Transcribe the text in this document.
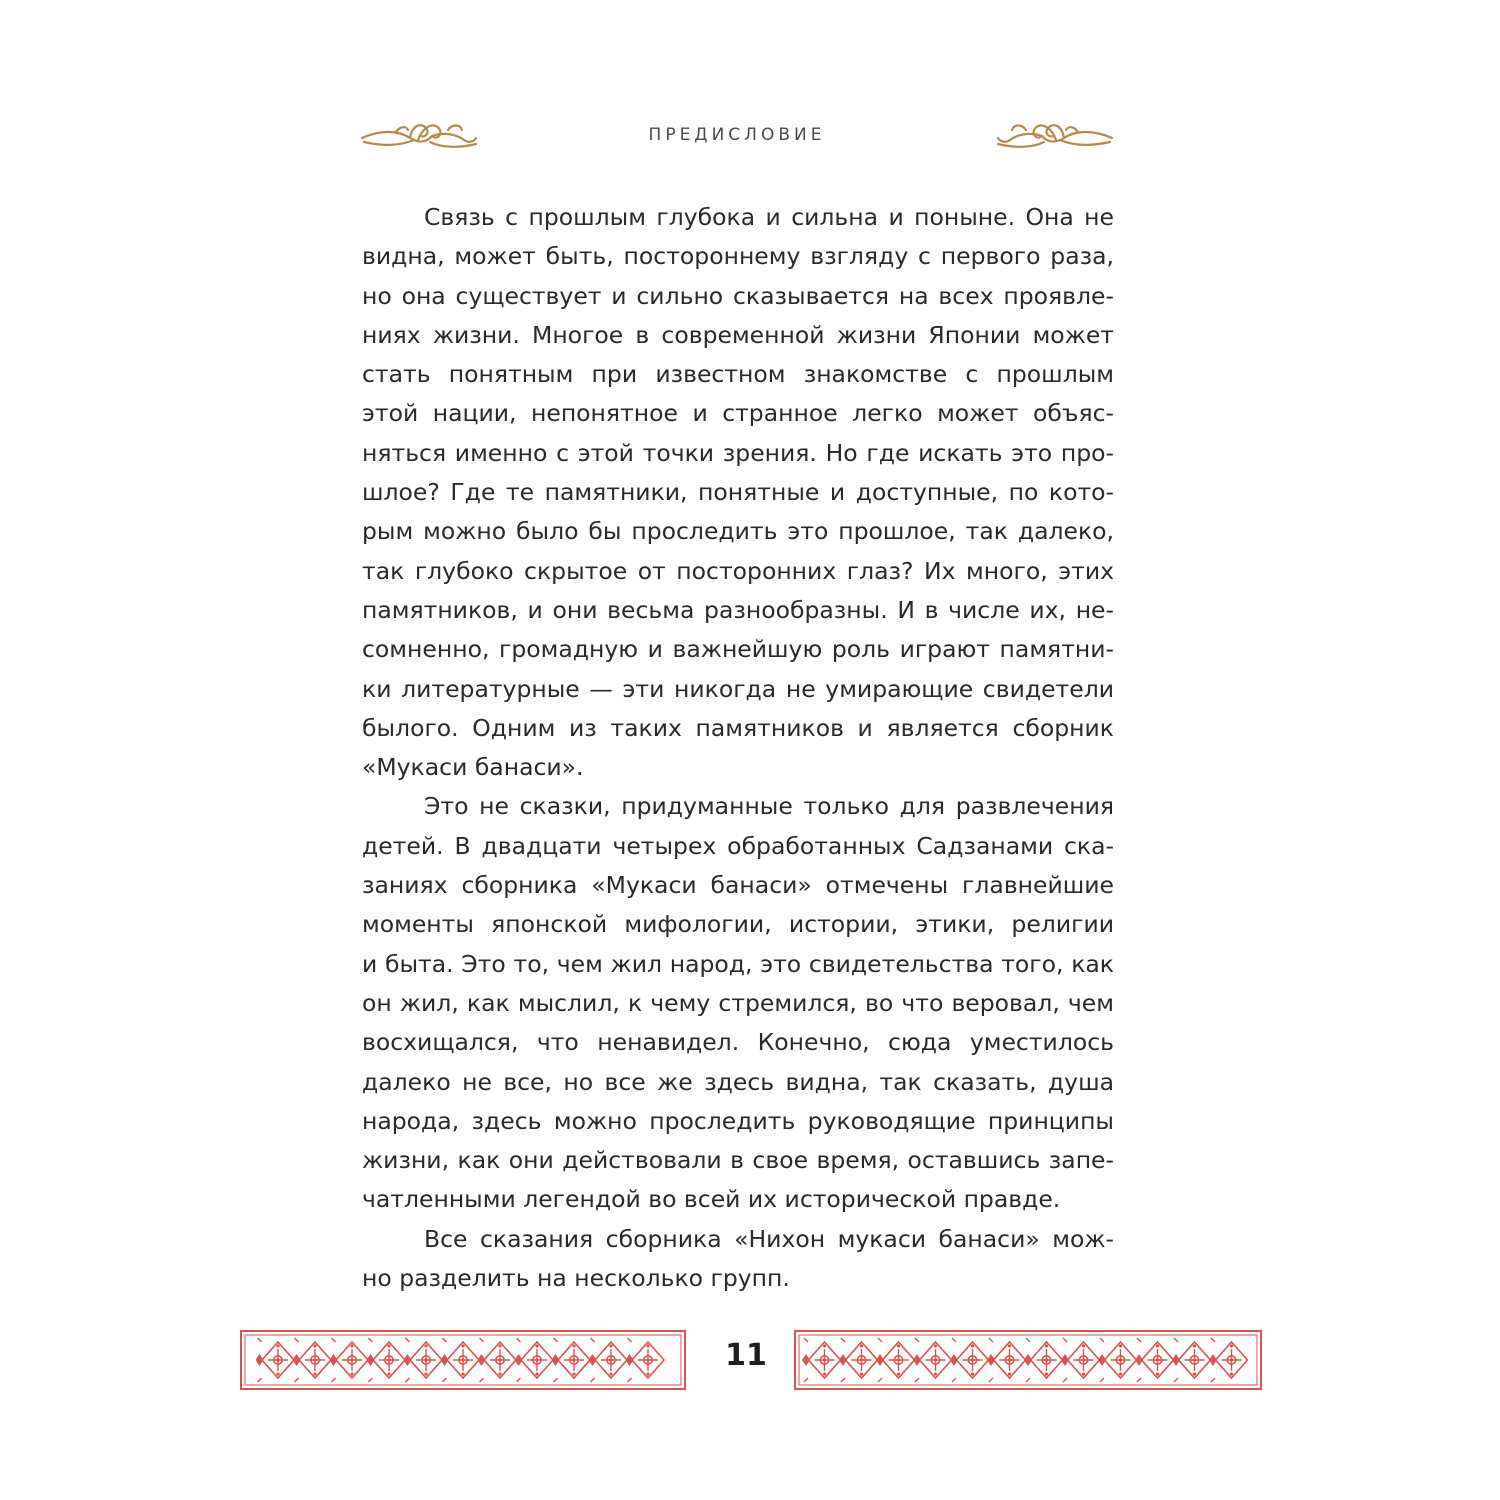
ПРЕДИСЛОВИЕ

Связь с прошлым глубока и сильна и поныне. Она не
видна, может быть, постороннему взгляду с первого раза,
но она существует и сильно сказывается на всех проявле-
ниях жизни. Многое в современной жизни Японии может
стать понятным при известном знакомстве с прошлым
этой нации, непонятное и странное легко может объяс-
няться именно с этой точки зрения. Но где искать это про-
шлое? Где те памятники, понятные и доступные, по кото-
рым можно было бы проследить это прошлое, так далеко,
так глубоко скрытое от посторонних глаз? Их много, этих
памятников, и они весьма разнообразны. И в числе их, не-
сомненно, громадную и важнейшую роль играют памятни-
ки литературные — эти никогда не умирающие свидетели
былого. Одним из таких памятников и является сборник
«Мукаси банаси».

Это не сказки, придуманные только для развлечения
детей. В двадцати четырех обработанных Садзанами ска-
заниях сборника «Мукаси банаси» отмечены главнейшие
моменты японской мифологии, истории, этики, религии
и быта. Это то, чем жил народ, это свидетельства того, как
он жил, как мыслил, к чему стремился, во что веровал, чем
восхищался, что ненавидел. Конечно, сюда уместилось
далеко не все, но все же здесь видна, так сказать, душа
народа, здесь можно проследить руководящие принципы
жизни, как они действовали в свое время, оставшись запе-
чатленными легендой во всей их исторической правде.

Все сказания сборника «Нихон мукаси банаси» мож-
но разделить на несколько групп.

11
